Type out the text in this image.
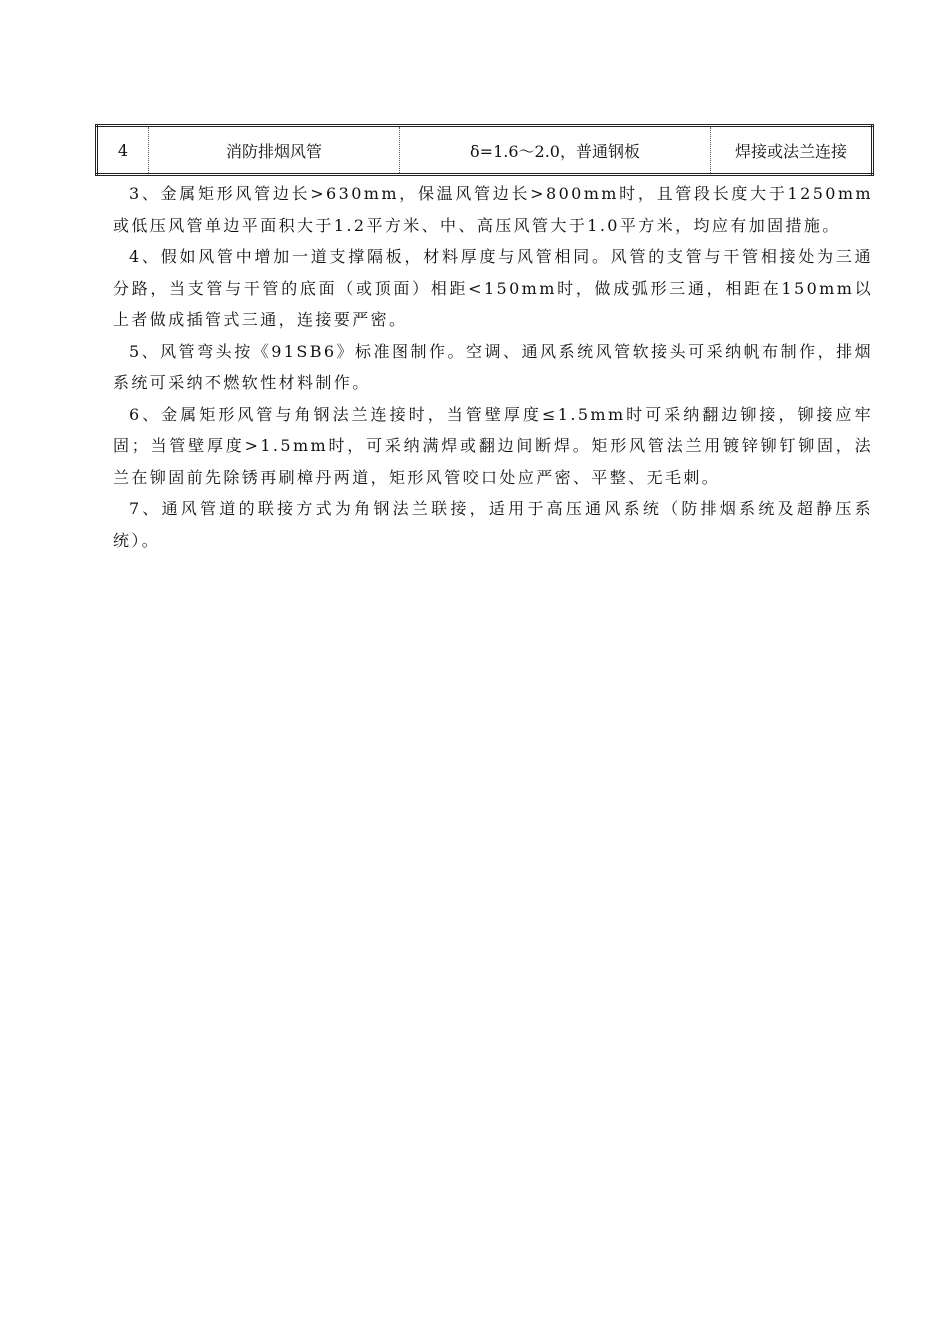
4	消防排烟风管	δ=1.6～2.0，普通钢板	焊接或法兰连接

3、金属矩形风管边长>630mm，保温风管边长>800mm时，且管段长度大于1250mm或低压风管单边平面积大于1.2平方米、中、高压风管大于1.0平方米，均应有加固措施。

4、假如风管中增加一道支撑隔板，材料厚度与风管相同。风管的支管与干管相接处为三通分路，当支管与干管的底面（或顶面）相距<150mm时，做成弧形三通，相距在150mm以上者做成插管式三通，连接要严密。

5、风管弯头按《91SB6》标准图制作。空调、通风系统风管软接头可采纳帆布制作，排烟系统可采纳不燃软性材料制作。

6、金属矩形风管与角钢法兰连接时，当管壁厚度≤1.5mm时可采纳翻边铆接，铆接应牢固；当管壁厚度>1.5mm时，可采纳满焊或翻边间断焊。矩形风管法兰用镀锌铆钉铆固，法兰在铆固前先除锈再刷樟丹两道，矩形风管咬口处应严密、平整、无毛刺。

7、通风管道的联接方式为角钢法兰联接，适用于高压通风系统（防排烟系统及超静压系统）。
